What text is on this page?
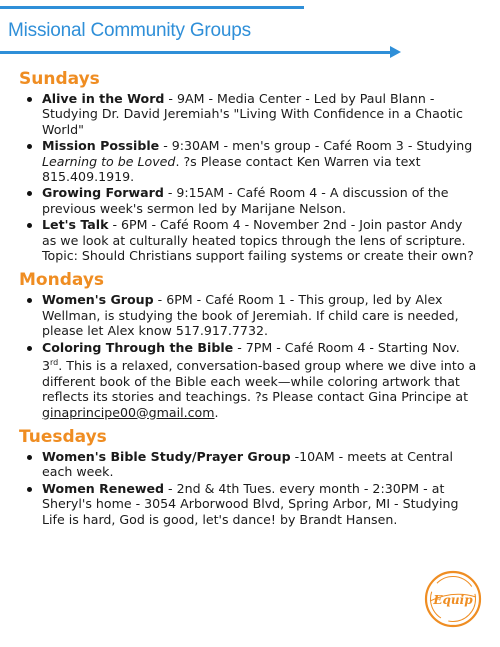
Missional Community Groups
Sundays
Alive in the Word - 9AM - Media Center - Led by Paul Blann - Studying Dr. David Jeremiah's "Living With Confidence in a Chaotic World"
Mission Possible - 9:30AM - men's group - Café Room 3 - Studying Learning to be Loved. ?s Please contact Ken Warren via text 815.409.1919.
Growing Forward - 9:15AM - Café Room 4 - A discussion of the previous week's sermon led by Marijane Nelson.
Let's Talk - 6PM - Café Room 4 - November 2nd - Join pastor Andy as we look at culturally heated topics through the lens of scripture. Topic: Should Christians support failing systems or create their own?
Mondays
Women's Group - 6PM - Café Room 1 - This group, led by Alex Wellman, is studying the book of Jeremiah. If child care is needed, please let Alex know 517.917.7732.
Coloring Through the Bible - 7PM - Café Room 4 - Starting Nov. 3rd. This is a relaxed, conversation-based group where we dive into a different book of the Bible each week—while coloring artwork that reflects its stories and teachings. ?s Please contact Gina Principe at ginaprincipe00@gmail.com.
Tuesdays
Women's Bible Study/Prayer Group -10AM - meets at Central each week.
Women Renewed - 2nd & 4th Tues. every month - 2:30PM - at Sheryl's home - 3054 Arborwood Blvd, Spring Arbor, MI - Studying Life is hard, God is good, let's dance! by Brandt Hansen.
Equip
